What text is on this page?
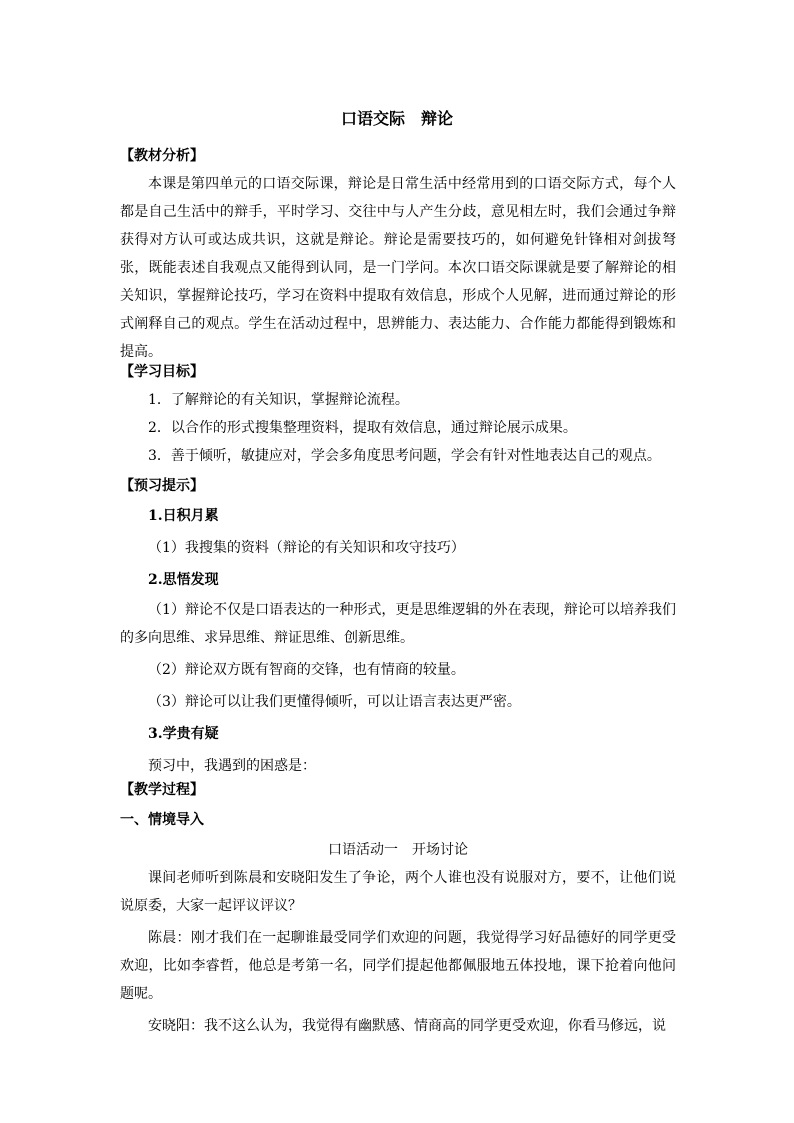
口语交际　辩论
【教材分析】
本课是第四单元的口语交际课，辩论是日常生活中经常用到的口语交际方式，每个人都是自己生活中的辩手，平时学习、交往中与人产生分歧，意见相左时，我们会通过争辩获得对方认可或达成共识，这就是辩论。辩论是需要技巧的，如何避免针锋相对剑拔弩张，既能表述自我观点又能得到认同，是一门学问。本次口语交际课就是要了解辩论的相关知识，掌握辩论技巧，学习在资料中提取有效信息，形成个人见解，进而通过辩论的形式阐释自己的观点。学生在活动过程中，思辨能力、表达能力、合作能力都能得到锻炼和提高。
【学习目标】
1．了解辩论的有关知识，掌握辩论流程。
2．以合作的形式搜集整理资料，提取有效信息，通过辩论展示成果。
3．善于倾听，敏捷应对，学会多角度思考问题，学会有针对性地表达自己的观点。
【预习提示】
1.日积月累
（1）我搜集的资料（辩论的有关知识和攻守技巧）
2.思悟发现
（1）辩论不仅是口语表达的一种形式，更是思维逻辑的外在表现，辩论可以培养我们的多向思维、求异思维、辩证思维、创新思维。
（2）辩论双方既有智商的交锋，也有情商的较量。
（3）辩论可以让我们更懂得倾听，可以让语言表达更严密。
3.学贵有疑
预习中，我遇到的困惑是：
【教学过程】
一、情境导入
口语活动一　开场讨论
课间老师听到陈晨和安晓阳发生了争论，两个人谁也没有说服对方，要不，让他们说说原委，大家一起评议评议？
陈晨：刚才我们在一起聊谁最受同学们欢迎的问题，我觉得学习好品德好的同学更受欢迎，比如李睿哲，他总是考第一名，同学们提起他都佩服地五体投地，课下抢着向他问题呢。
安晓阳：我不这么认为，我觉得有幽默感、情商高的同学更受欢迎，你看马修远，说
